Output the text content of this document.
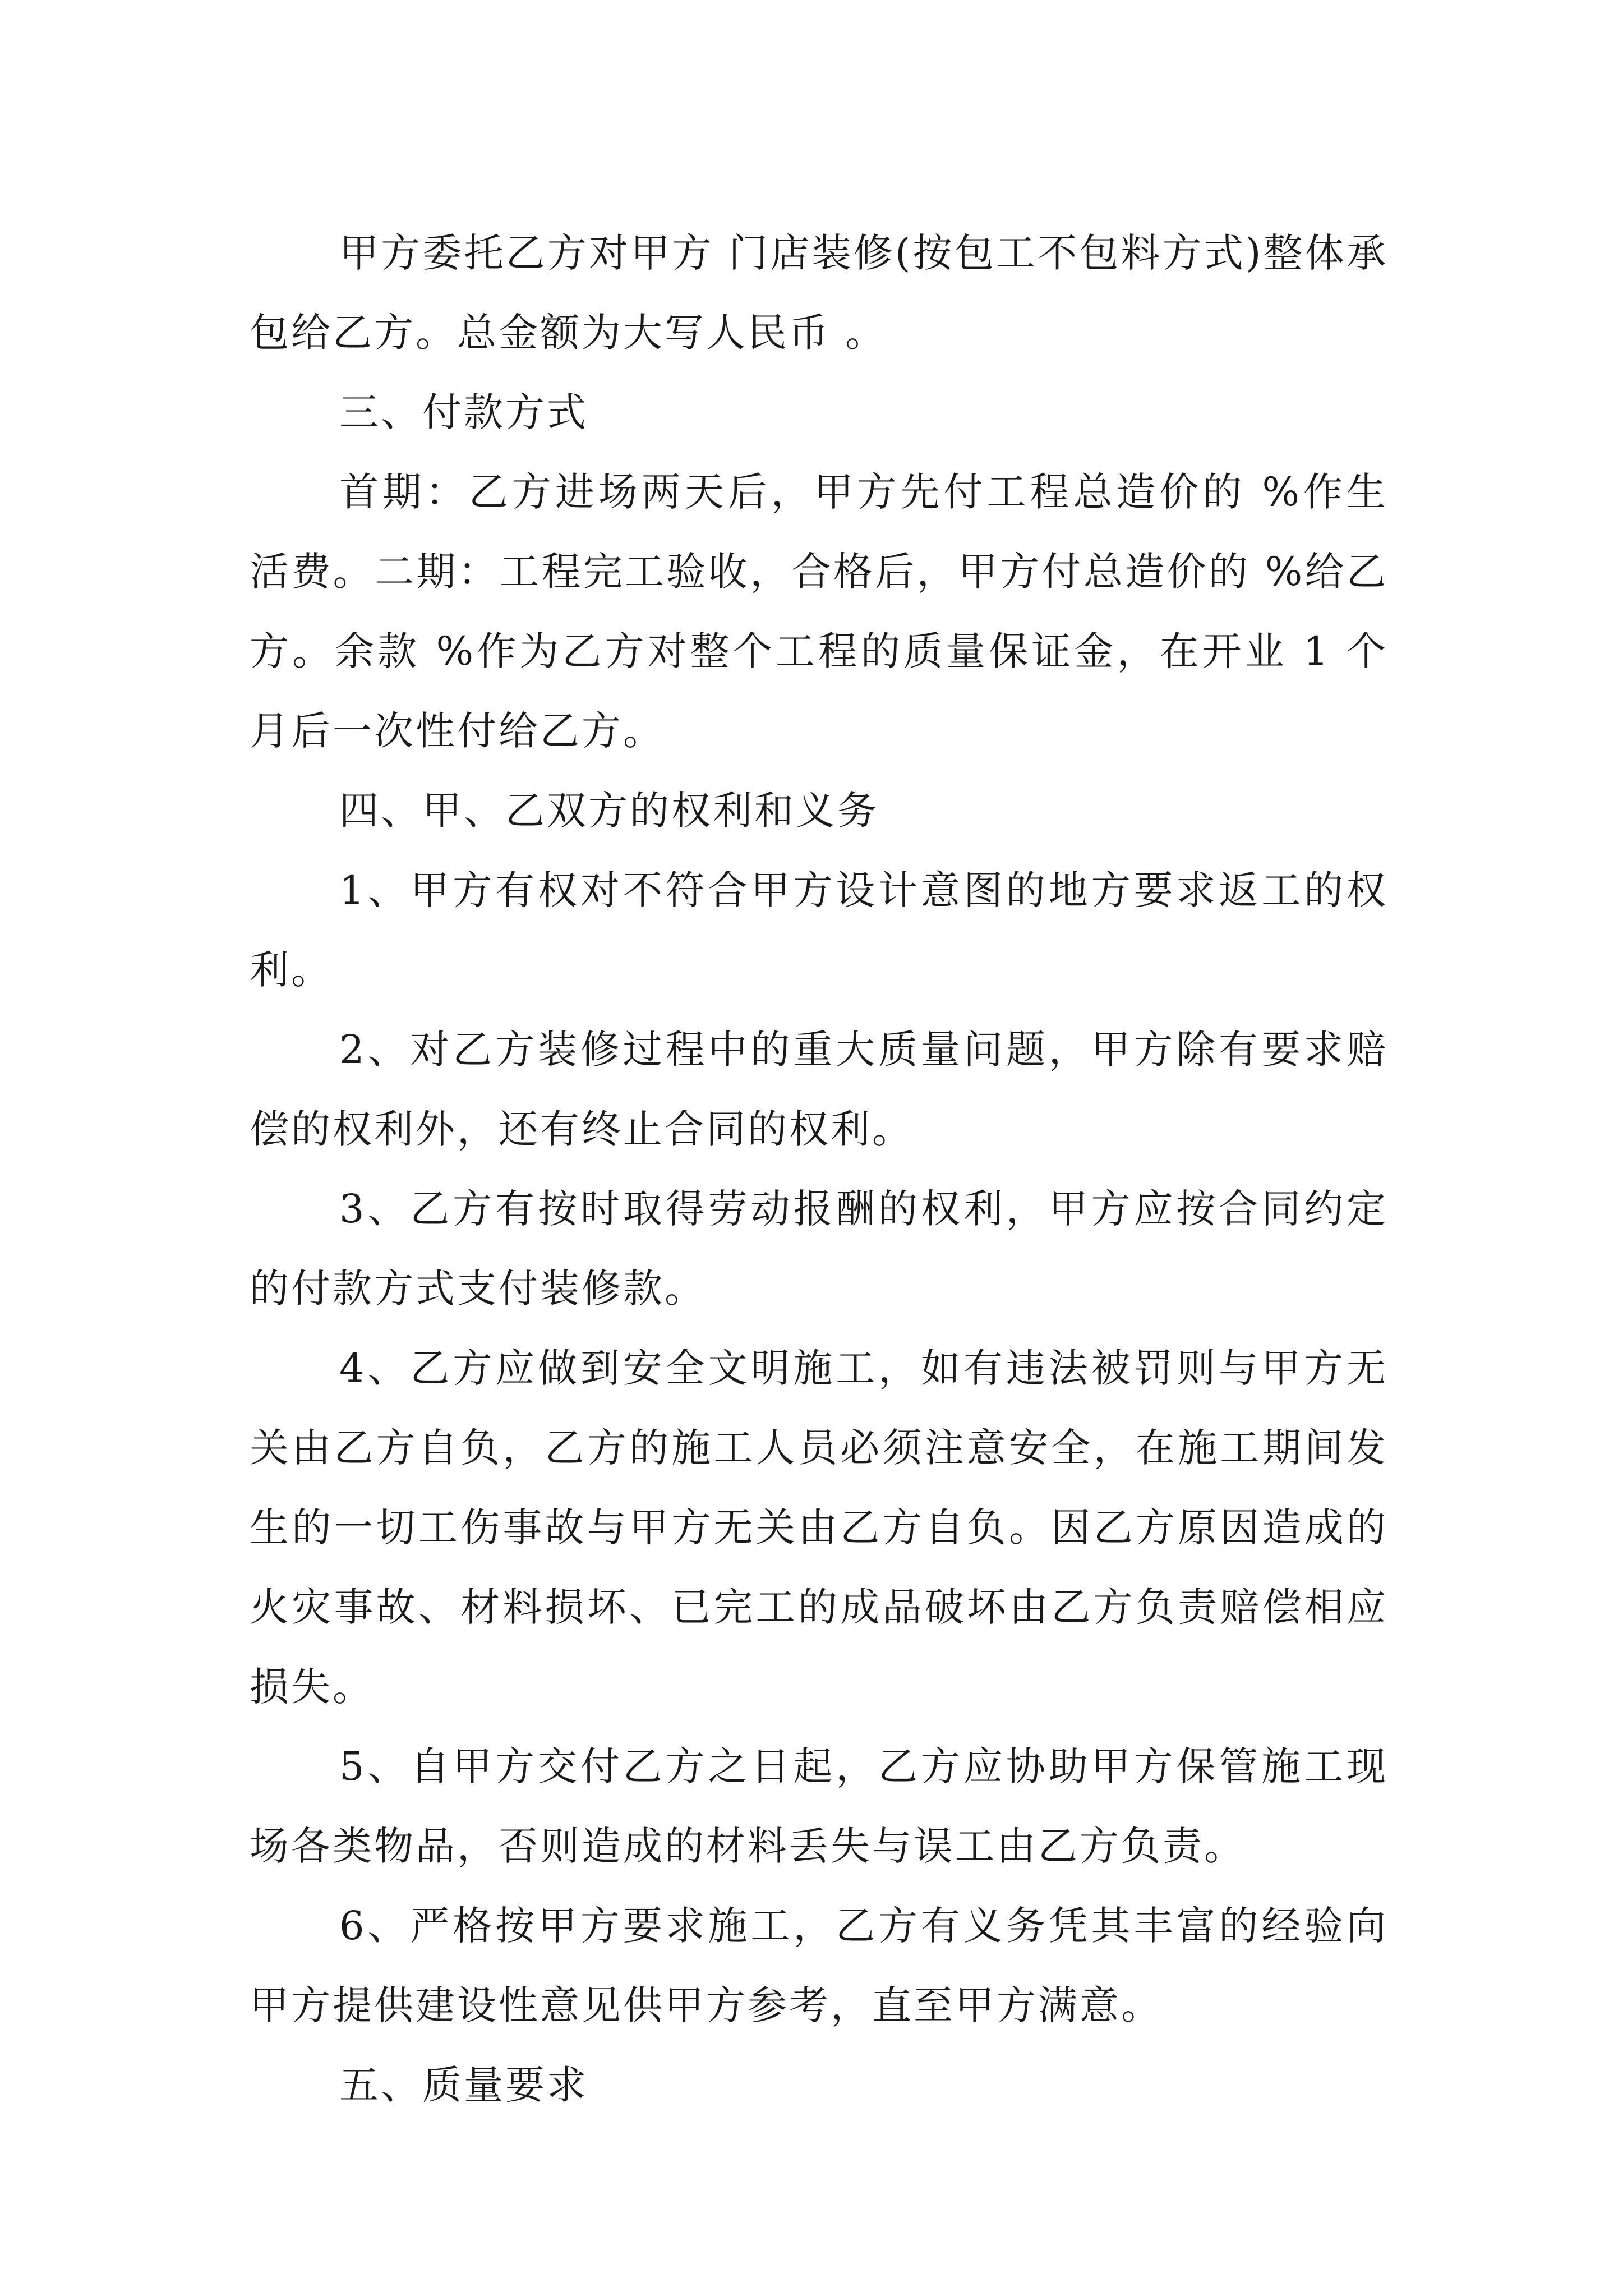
甲方委托乙方对甲方 门店装修(按包工不包料方式)整体承包给乙方。总金额为大写人民币 。

三、付款方式

首期：乙方进场两天后，甲方先付工程总造价的 %作生活费。二期：工程完工验收，合格后，甲方付总造价的 %给乙方。余款 %作为乙方对整个工程的质量保证金，在开业 1 个月后一次性付给乙方。

四、甲、乙双方的权利和义务

1、甲方有权对不符合甲方设计意图的地方要求返工的权利。

2、对乙方装修过程中的重大质量问题，甲方除有要求赔偿的权利外，还有终止合同的权利。

3、乙方有按时取得劳动报酬的权利，甲方应按合同约定的付款方式支付装修款。

4、乙方应做到安全文明施工，如有违法被罚则与甲方无关由乙方自负，乙方的施工人员必须注意安全，在施工期间发生的一切工伤事故与甲方无关由乙方自负。因乙方原因造成的火灾事故、材料损坏、已完工的成品破坏由乙方负责赔偿相应损失。

5、自甲方交付乙方之日起，乙方应协助甲方保管施工现场各类物品，否则造成的材料丢失与误工由乙方负责。

6、严格按甲方要求施工，乙方有义务凭其丰富的经验向甲方提供建设性意见供甲方参考，直至甲方满意。

五、质量要求
